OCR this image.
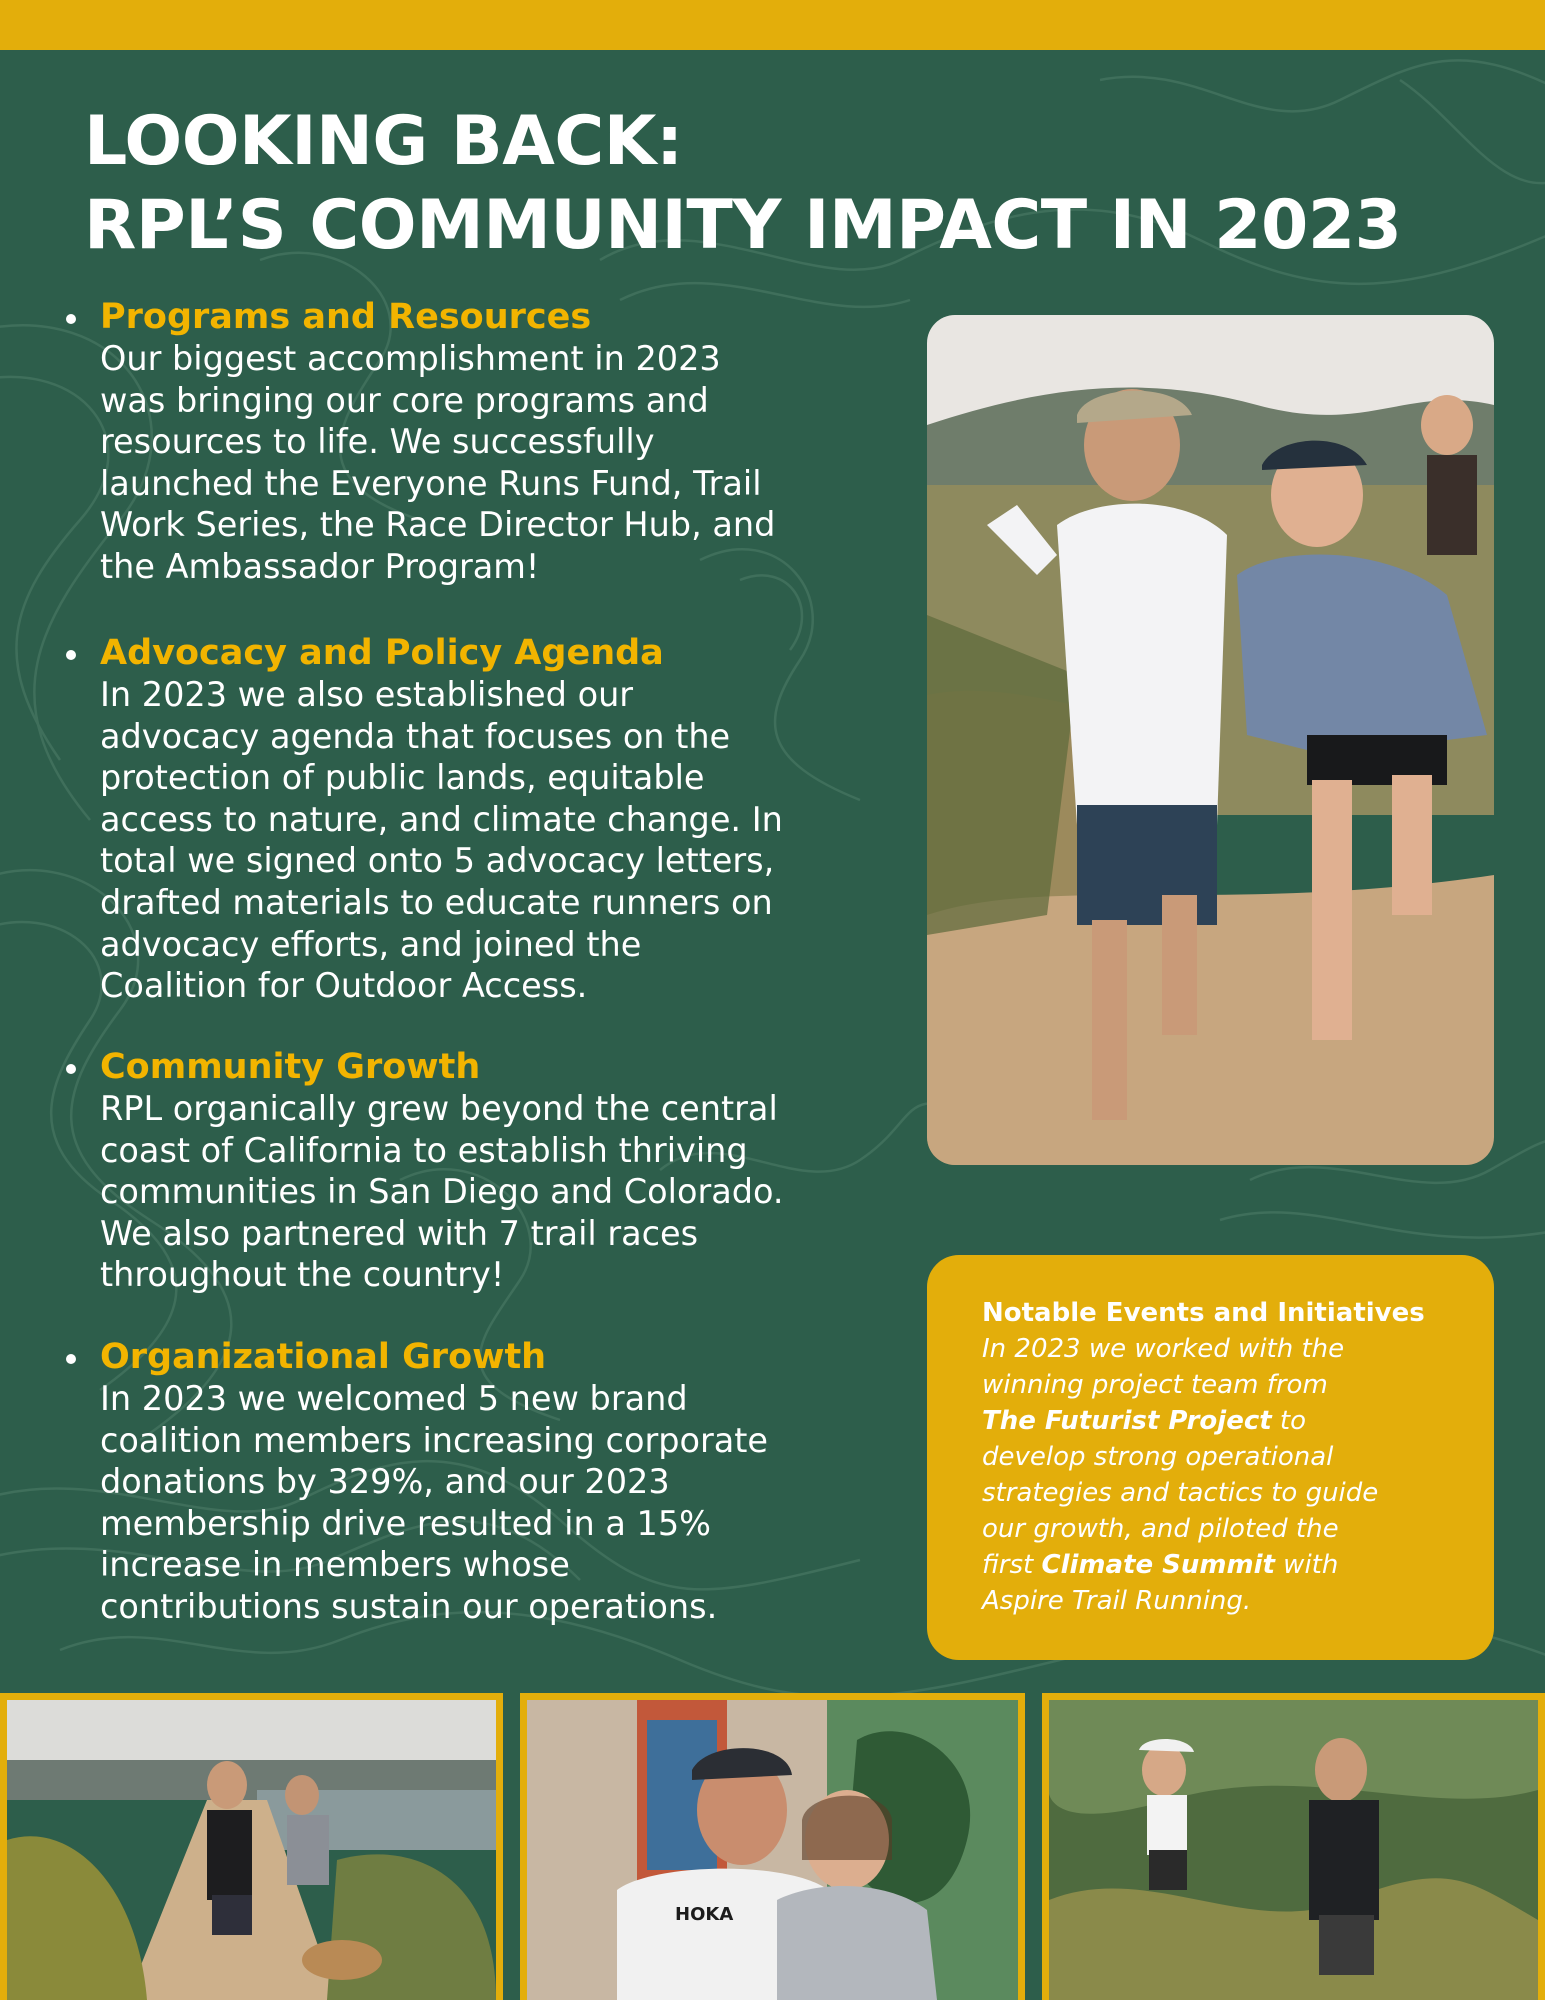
LOOKING BACK:
RPL’S COMMUNITY IMPACT IN 2023
Programs and Resources

Our biggest accomplishment in 2023
was bringing our core programs and
resources to life. We successfully
launched the Everyone Runs Fund, Trail
Work Series, the Race Director Hub, and
the Ambassador Program!

Advocacy and Policy Agenda

In 2023 we also established our
advocacy agenda that focuses on the
protection of public lands, equitable
access to nature, and climate change. In
total we signed onto 5 advocacy letters,
drafted materials to educate runners on
advocacy efforts, and joined the
Coalition for Outdoor Access.

Community Growth

RPL organically grew beyond the central
coast of California to establish thriving
communities in San Diego and Colorado.
We also partnered with 7 trail races
throughout the country!

Organizational Growth

In 2023 we welcomed 5 new brand
coalition members increasing corporate
donations by 329%, and our 2023
membership drive resulted in a 15%
increase in members whose
contributions sustain our operations.

Notable Events and Initiatives

In 2023 we worked with the
winning project team from
The Futurist Project to
develop strong operational
strategies and tactics to guide
our growth, and piloted the
first Climate Summit with
Aspire Trail Running.

HOKA
